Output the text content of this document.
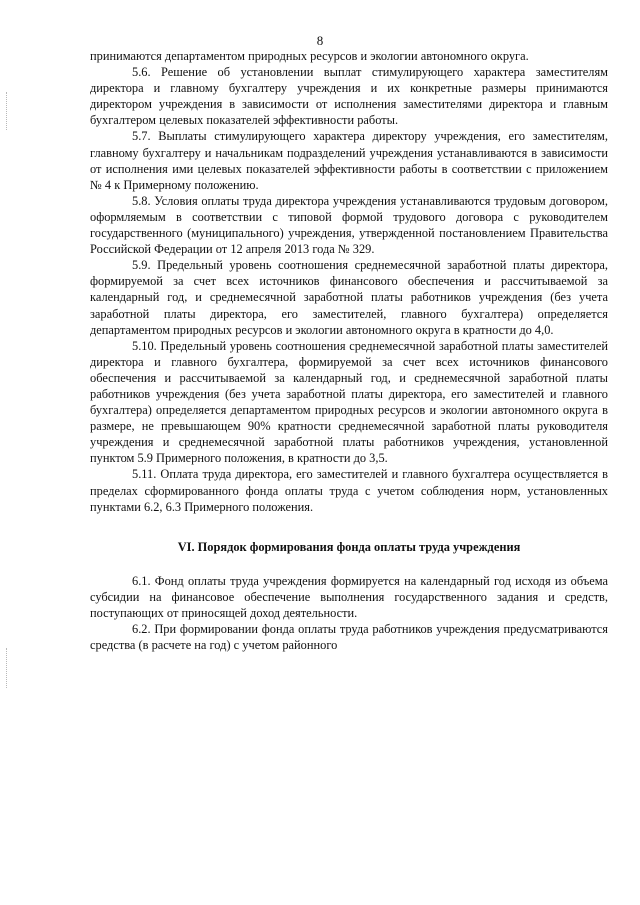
8

принимаются департаментом природных ресурсов и экологии автономного округа.

5.6. Решение об установлении выплат стимулирующего характера заместителям директора и главному бухгалтеру учреждения и их конкретные размеры принимаются директором учреждения в зависимости от исполнения заместителями директора и главным бухгалтером целевых показателей эффективности работы.

5.7. Выплаты стимулирующего характера директору учреждения, его заместителям, главному бухгалтеру и начальникам подразделений учреждения устанавливаются в зависимости от исполнения ими целевых показателей эффективности работы в соответствии с приложением № 4 к Примерному положению.

5.8. Условия оплаты труда директора учреждения устанавливаются трудовым договором, оформляемым в соответствии с типовой формой трудового договора с руководителем государственного (муниципального) учреждения, утвержденной постановлением Правительства Российской Федерации от 12 апреля 2013 года № 329.

5.9. Предельный уровень соотношения среднемесячной заработной платы директора, формируемой за счет всех источников финансового обеспечения и рассчитываемой за календарный год, и среднемесячной заработной платы работников учреждения (без учета заработной платы директора, его заместителей, главного бухгалтера) определяется департаментом природных ресурсов и экологии автономного округа в кратности до 4,0.

5.10. Предельный уровень соотношения среднемесячной заработной платы заместителей директора и главного бухгалтера, формируемой за счет всех источников финансового обеспечения и рассчитываемой за календарный год, и среднемесячной заработной платы работников учреждения (без учета заработной платы директора, его заместителей и главного бухгалтера) определяется департаментом природных ресурсов и экологии автономного округа в размере, не превышающем 90% кратности среднемесячной заработной платы руководителя учреждения и среднемесячной заработной платы работников учреждения, установленной пунктом 5.9 Примерного положения, в кратности до 3,5.

5.11. Оплата труда директора, его заместителей и главного бухгалтера осуществляется в пределах сформированного фонда оплаты труда с учетом соблюдения норм, установленных пунктами 6.2, 6.3 Примерного положения.

VI. Порядок формирования фонда оплаты труда учреждения

6.1. Фонд оплаты труда учреждения формируется на календарный год исходя из объема субсидии на финансовое обеспечение выполнения государственного задания и средств, поступающих от приносящей доход деятельности.

6.2. При формировании фонда оплаты труда работников учреждения предусматриваются средства (в расчете на год) с учетом районного
